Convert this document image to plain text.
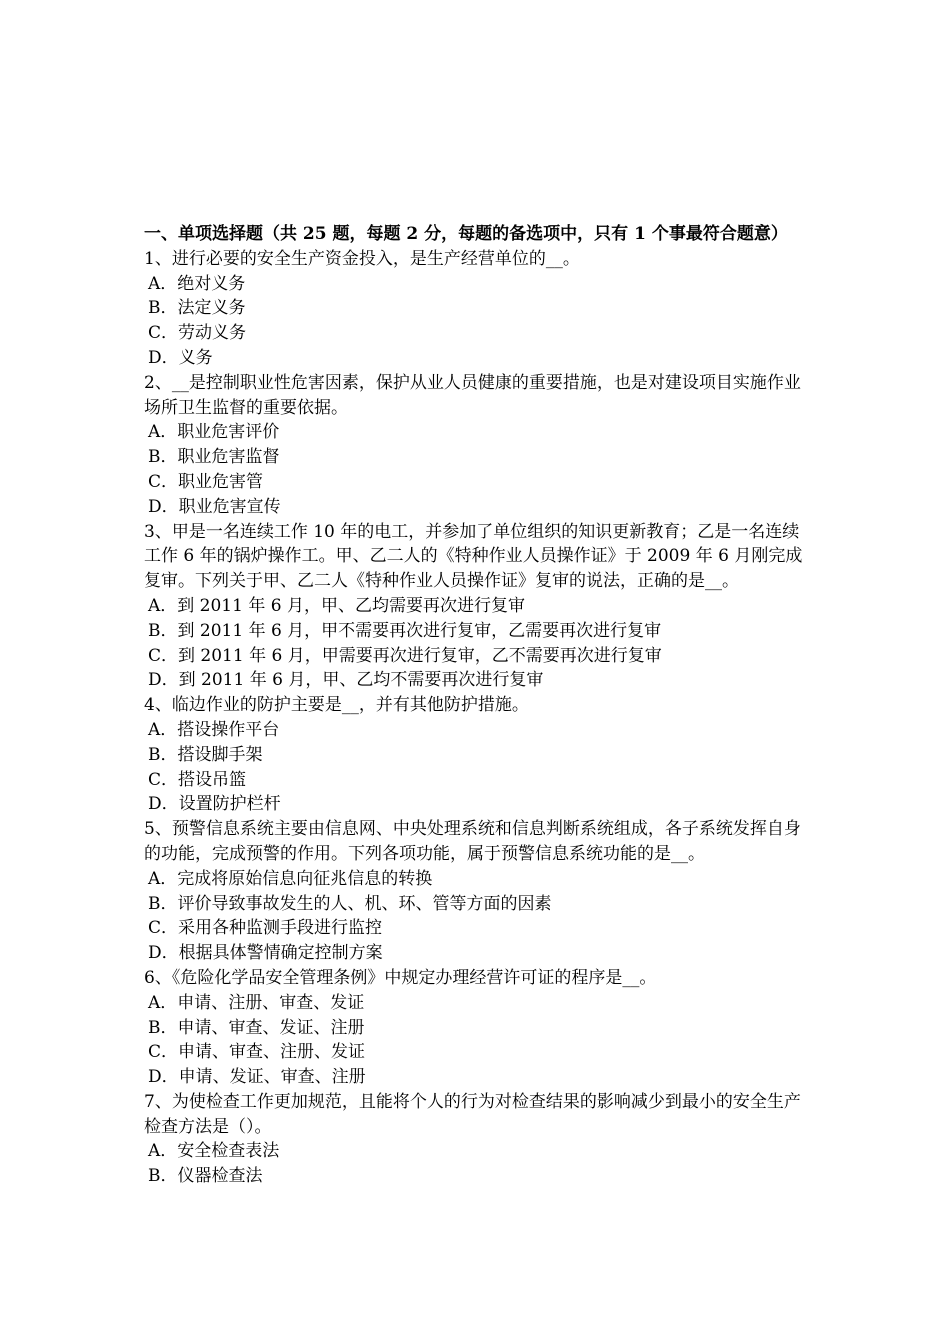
一、单项选择题（共 25 题，每题 2 分，每题的备选项中，只有 1 个事最符合题意）

1、进行必要的安全生产资金投入，是生产经营单位的__。

A．绝对义务
B．法定义务
C．劳动义务
D．义务

2、__是控制职业性危害因素，保护从业人员健康的重要措施，也是对建设项目实施作业场所卫生监督的重要依据。

A．职业危害评价
B．职业危害监督
C．职业危害管
D．职业危害宣传

3、甲是一名连续工作 10 年的电工，并参加了单位组织的知识更新教育；乙是一名连续工作 6 年的锅炉操作工。甲、乙二人的《特种作业人员操作证》于 2009 年 6 月刚完成复审。下列关于甲、乙二人《特种作业人员操作证》复审的说法，正确的是__。

A．到 2011 年 6 月，甲、乙均需要再次进行复审
B．到 2011 年 6 月，甲不需要再次进行复审，乙需要再次进行复审
C．到 2011 年 6 月，甲需要再次进行复审，乙不需要再次进行复审
D．到 2011 年 6 月，甲、乙均不需要再次进行复审

4、临边作业的防护主要是__，并有其他防护措施。

A．搭设操作平台
B．搭设脚手架
C．搭设吊篮
D．设置防护栏杆

5、预警信息系统主要由信息网、中央处理系统和信息判断系统组成，各子系统发挥自身的功能，完成预警的作用。下列各项功能，属于预警信息系统功能的是__。

A．完成将原始信息向征兆信息的转换
B．评价导致事故发生的人、机、环、管等方面的因素
C．采用各种监测手段进行监控
D．根据具体警情确定控制方案

6、《危险化学品安全管理条例》中规定办理经营许可证的程序是__。

A．申请、注册、审查、发证
B．申请、审查、发证、注册
C．申请、审查、注册、发证
D．申请、发证、审查、注册

7、为使检查工作更加规范，且能将个人的行为对检查结果的影响减少到最小的安全生产检查方法是（）。

A．安全检查表法
B．仪器检查法
